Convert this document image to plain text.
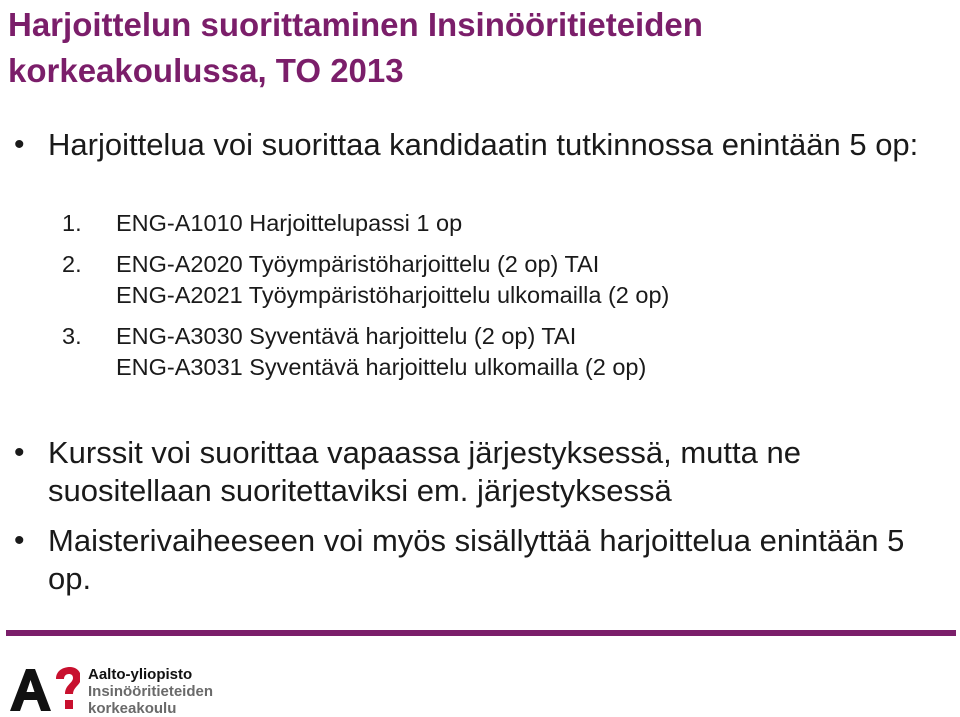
Harjoittelun suorittaminen Insinööritieteiden korkeakoulussa, TO 2013
• Harjoittelua voi suorittaa kandidaatin tutkinnossa enintään 5 op:
1.	ENG-A1010 Harjoittelupassi 1 op
2.	ENG-A2020 Työympäristöharjoittelu (2 op) TAI
ENG-A2021 Työympäristöharjoittelu ulkomailla (2 op)
3.	ENG-A3030 Syventävä harjoittelu (2 op) TAI
ENG-A3031 Syventävä harjoittelu ulkomailla (2 op)
• Kurssit voi suorittaa vapaassa järjestyksessä, mutta ne suositellaan suoritettaviksi em. järjestyksessä
• Maisterivaiheeseen voi myös sisällyttää harjoittelua enintään 5 op.
Aalto-yliopisto
Insinööritieteiden
korkeakoulu
